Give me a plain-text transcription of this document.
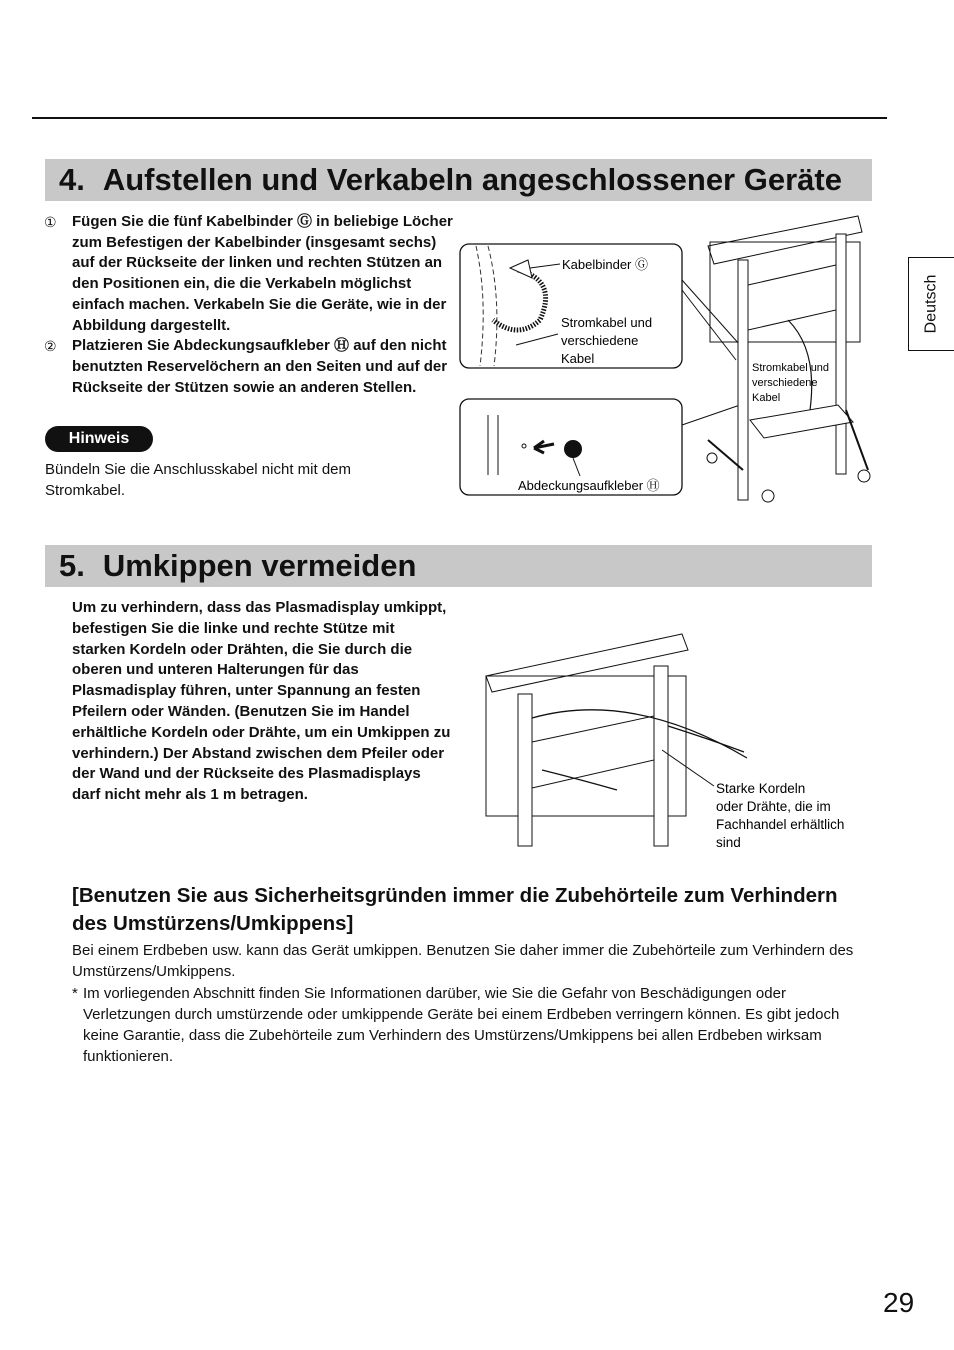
Deutsch
4. Aufstellen und Verkabeln angeschlossener Geräte
①	Fügen Sie die fünf Kabelbinder Ⓖ in beliebige Löcher zum Befestigen der Kabelbinder (insgesamt sechs) auf der Rückseite der linken und rechten Stützen an den Positionen ein, die die Verkabeln möglichst einfach machen. Verkabeln Sie die Geräte, wie in der Abbildung dargestellt.
②	Platzieren Sie Abdeckungsaufkleber Ⓗ auf den nicht benutzten Reservelöchern an den Seiten und auf der Rückseite der Stützen sowie an anderen Stellen.
Hinweis
Bündeln Sie die Anschlusskabel nicht mit dem Stromkabel.
Kabelbinder Ⓖ
Stromkabel und
verschiedene
Kabel
Abdeckungsaufkleber Ⓗ
Stromkabel und
verschiedene
Kabel
5. Umkippen vermeiden
Um zu verhindern, dass das Plasmadisplay umkippt, befestigen Sie die linke und rechte Stütze mit starken Kordeln oder Drähten, die Sie durch die oberen und unteren Halterungen für das Plasmadisplay führen, unter Spannung an festen Pfeilern oder Wänden. (Benutzen Sie im Handel erhältliche Kordeln oder Drähte, um ein Umkippen zu verhindern.) Der Abstand zwischen dem Pfeiler oder der Wand und der Rückseite des Plasmadisplays darf nicht mehr als 1 m betragen.	Starke Kordeln
oder Drähte, die im
Fachhandel erhältlich
sind
[Benutzen Sie aus Sicherheitsgründen immer die Zubehörteile zum Verhindern des Umstürzens/Umkippens]
Bei einem Erdbeben usw. kann das Gerät umkippen. Benutzen Sie daher immer die Zubehörteile zum Verhindern des Umstürzens/Umkippens.
* Im vorliegenden Abschnitt finden Sie Informationen darüber, wie Sie die Gefahr von Beschädigungen oder Verletzungen durch umstürzende oder umkippende Geräte bei einem Erdbeben verringern können. Es gibt jedoch keine Garantie, dass die Zubehörteile zum Verhindern des Umstürzens/Umkippens bei allen Erdbeben wirksam funktionieren.
29
